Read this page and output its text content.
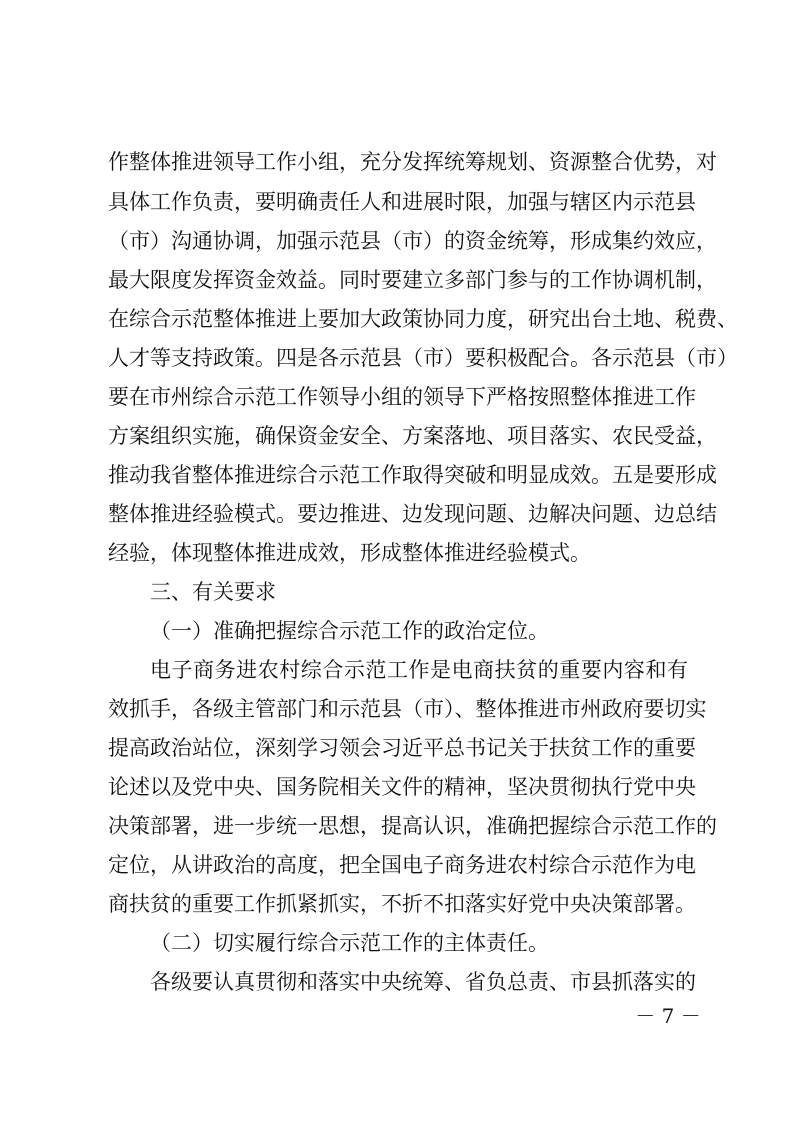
作整体推进领导工作小组，充分发挥统筹规划、资源整合优势，对
具体工作负责，要明确责任人和进展时限，加强与辖区内示范县
（市）沟通协调，加强示范县（市）的资金统筹，形成集约效应，
最大限度发挥资金效益。同时要建立多部门参与的工作协调机制，
在综合示范整体推进上要加大政策协同力度，研究出台土地、税费、
人才等支持政策。四是各示范县（市）要积极配合。各示范县（市）
要在市州综合示范工作领导小组的领导下严格按照整体推进工作
方案组织实施，确保资金安全、方案落地、项目落实、农民受益，
推动我省整体推进综合示范工作取得突破和明显成效。五是要形成
整体推进经验模式。要边推进、边发现问题、边解决问题、边总结
经验，体现整体推进成效，形成整体推进经验模式。
三、有关要求
（一）准确把握综合示范工作的政治定位。
电子商务进农村综合示范工作是电商扶贫的重要内容和有
效抓手，各级主管部门和示范县（市）、整体推进市州政府要切实
提高政治站位，深刻学习领会习近平总书记关于扶贫工作的重要
论述以及党中央、国务院相关文件的精神，坚决贯彻执行党中央
决策部署，进一步统一思想，提高认识，准确把握综合示范工作的
定位，从讲政治的高度，把全国电子商务进农村综合示范作为电
商扶贫的重要工作抓紧抓实，不折不扣落实好党中央决策部署。
（二）切实履行综合示范工作的主体责任。
各级要认真贯彻和落实中央统筹、省负总责、市县抓落实的
－ 7 －
